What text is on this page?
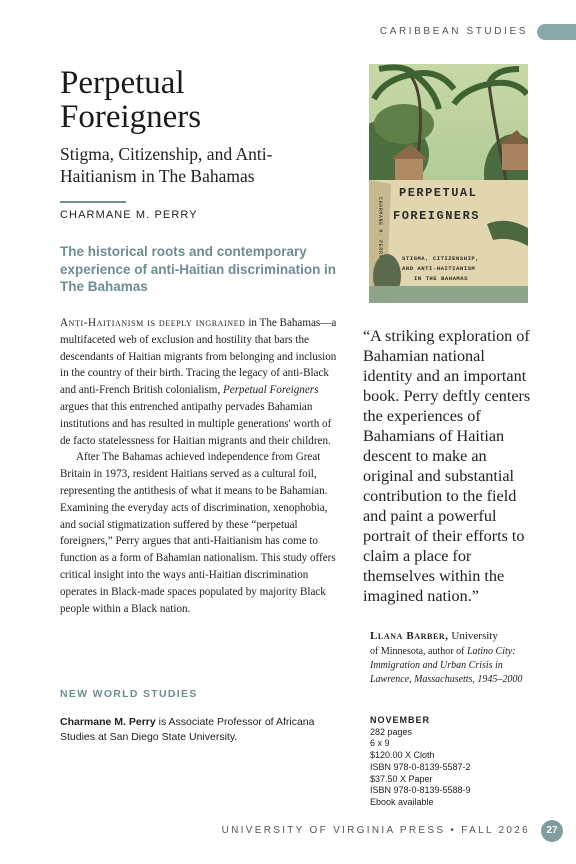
CARIBBEAN STUDIES
Perpetual
Foreigners
Stigma, Citizenship, and Anti-
Haitianism in The Bahamas
CHARMANE M. PERRY
The historical roots and contemporary experience of anti-Haitian discrimination in The Bahamas

Anti-Haitianism is deeply ingrained in The Bahamas—a multifaceted web of exclusion and hostility that bars the descendants of Haitian migrants from belonging and inclusion in the country of their birth. Tracing the legacy of anti-Black and anti-French British colonialism, Perpetual Foreigners argues that this entrenched antipathy pervades Bahamian institutions and has resulted in multiple generations' worth of de facto statelessness for Haitian migrants and their children.

After The Bahamas achieved independence from Great Britain in 1973, resident Haitians served as a cultural foil, representing the antithesis of what it means to be Bahamian. Examining the everyday acts of discrimination, xenophobia, and social stigmatization suffered by these “perpetual foreigners,” Perry argues that anti-Haitianism has come to function as a form of Bahamian nationalism. This study offers critical insight into the ways anti-Haitian discrimination operates in Black-made spaces populated by majority Black people within a Black nation.

NEW WORLD STUDIES
Charmane M. Perry is Associate Professor of Africana Studies at San Diego State University.
PERPETUAL
FOREIGNERS
STIGMA, CITIZENSHIP,
AND ANTI-HAITIANISM
IN THE BAHAMAS
CHARMANE M. PERRY
“A striking exploration of Bahamian national identity and an important book. Perry deftly centers the experiences of Bahamians of Haitian descent to make an original and substantial contribution to the field and paint a powerful portrait of their efforts to claim a place for themselves within the imagined nation.”
Llana Barber, University
of Minnesota, author of Latino City: Immigration and Urban Crisis in Lawrence, Massachusetts, 1945–2000
NOVEMBER
282 pages
6 x 9
$120.00 X Cloth
ISBN 978-0-8139-5587-2
$37.50 X Paper
ISBN 978-0-8139-5588-9
Ebook available
UNIVERSITY OF VIRGINIA PRESS • FALL 2026	27
